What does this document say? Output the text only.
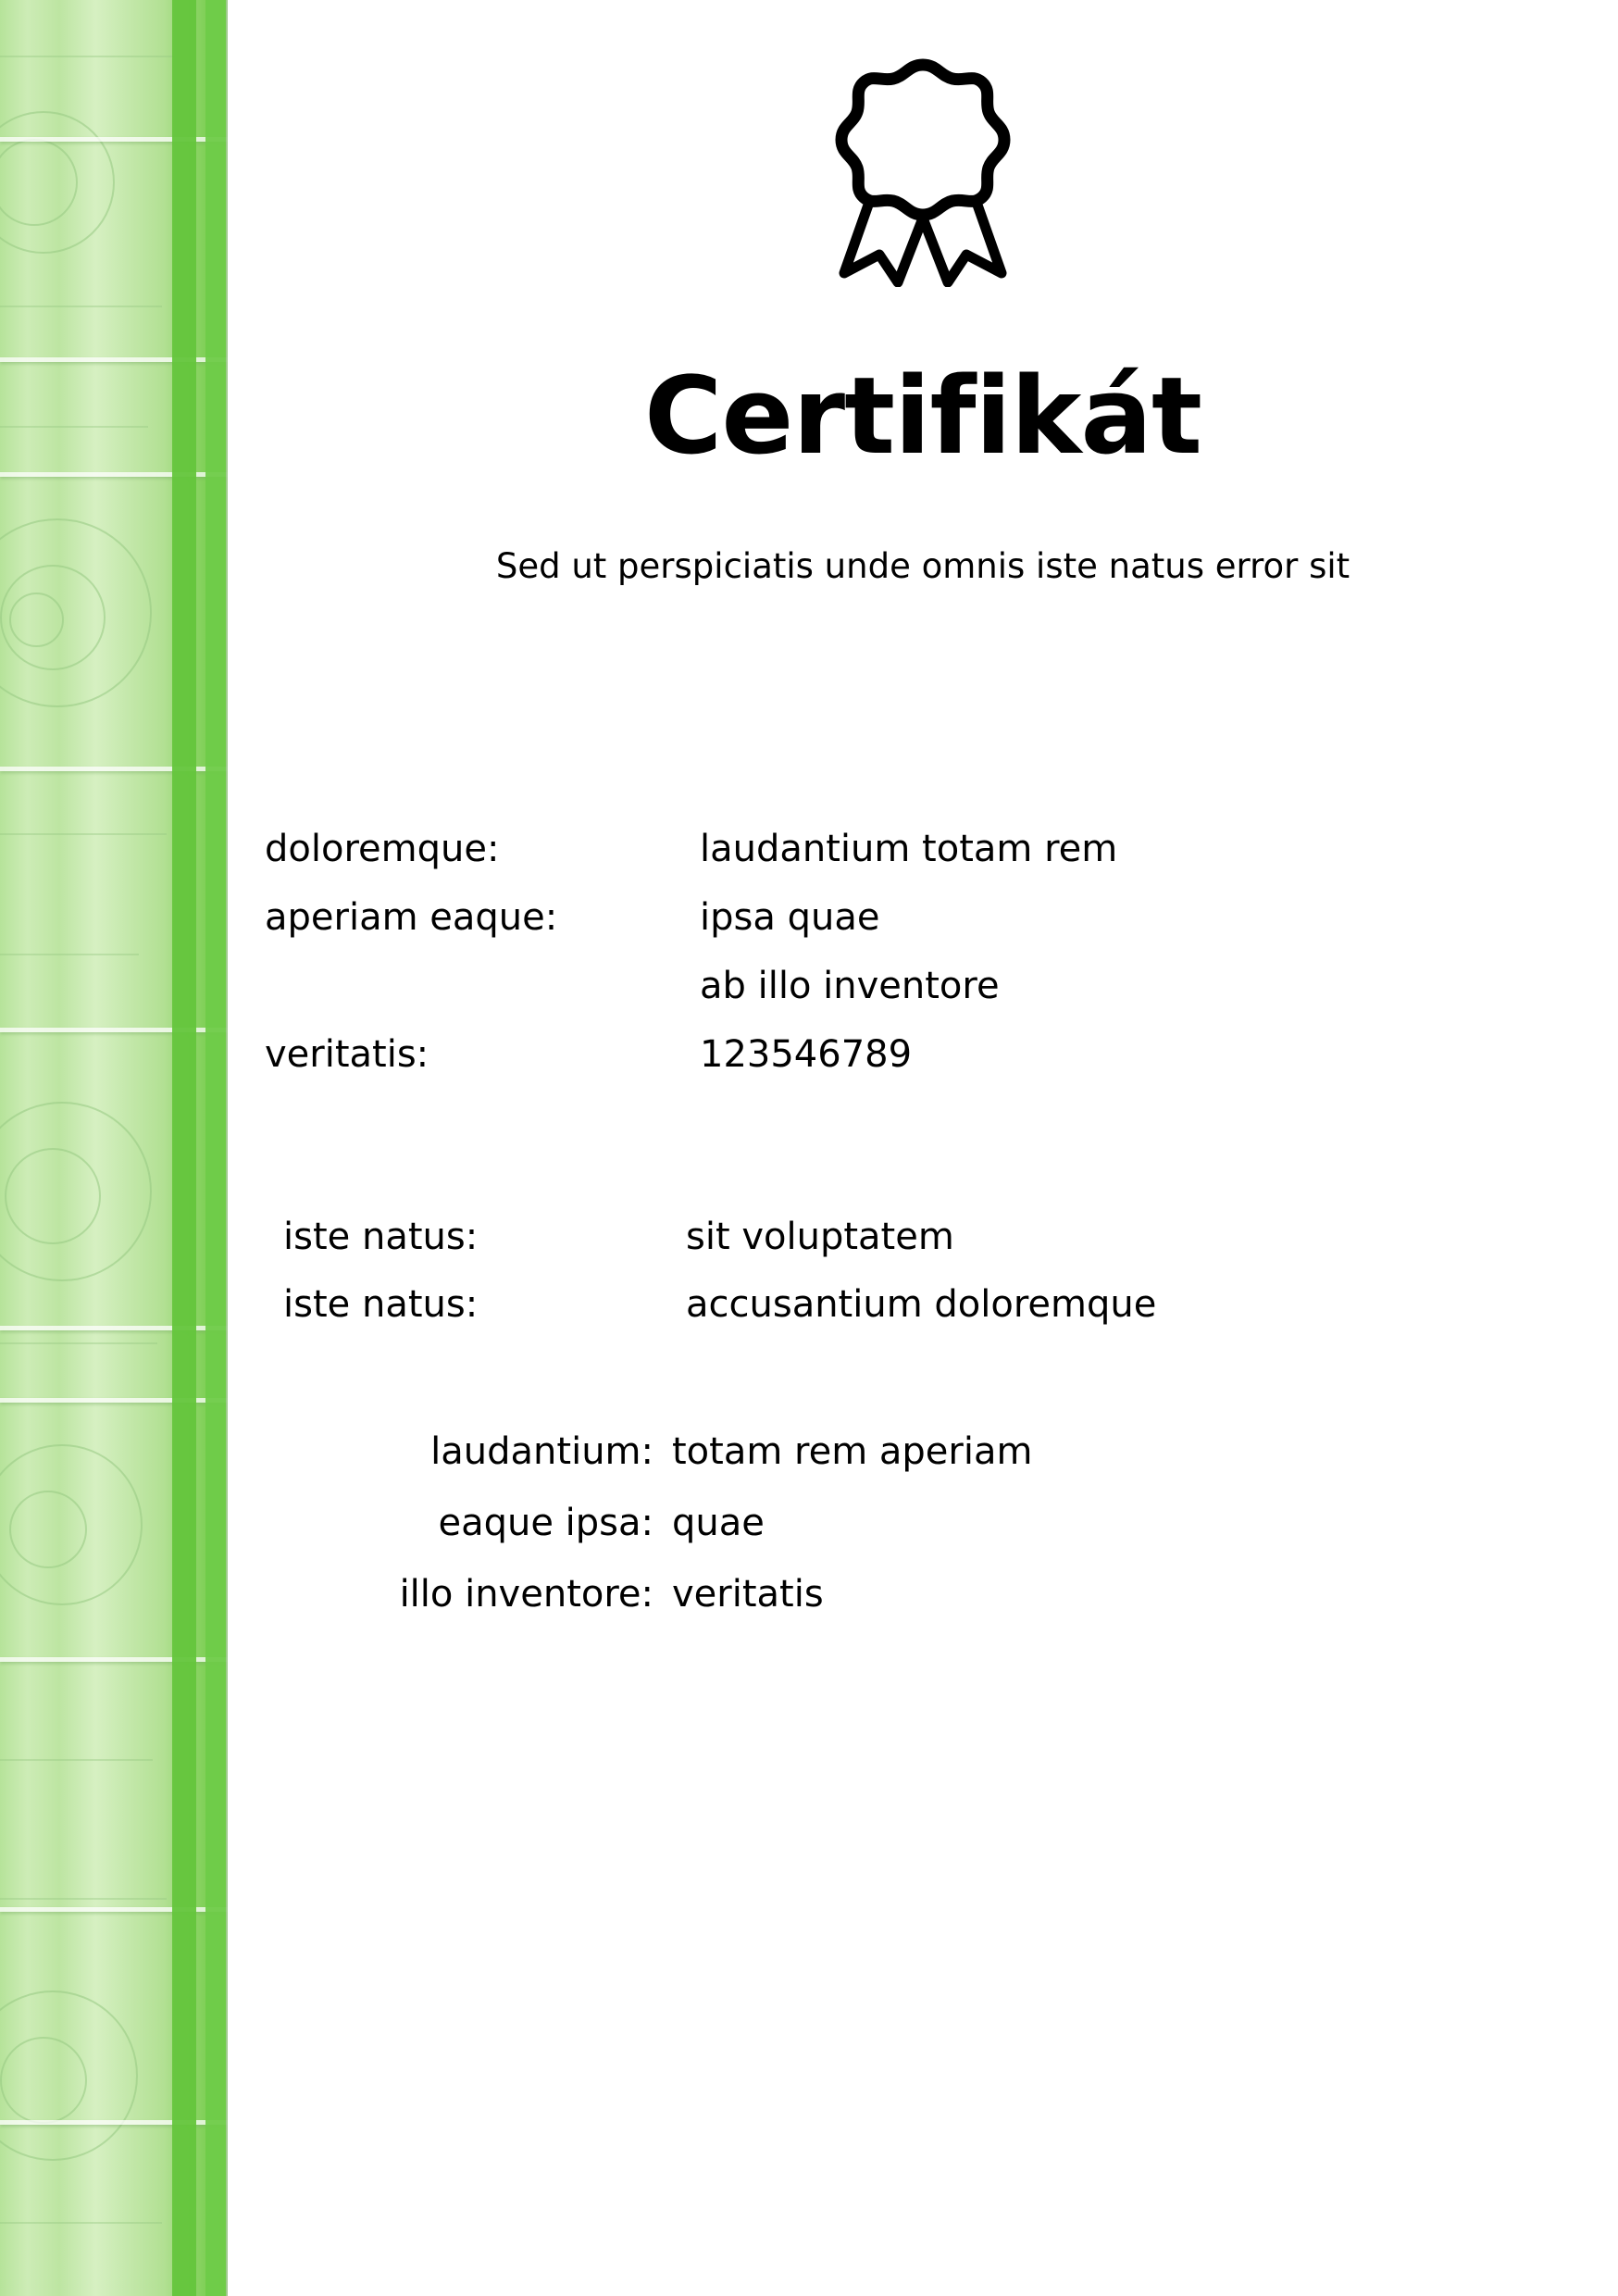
Certifikát
Sed ut perspiciatis unde omnis iste natus error sit
doloremque:	laudantium totam rem
aperiam eaque:	ipsa quae
ab illo inventore
veritatis:	123546789
iste natus:	sit voluptatem
iste natus:	accusantium doloremque
laudantium: totam rem aperiam
eaque ipsa: quae
illo inventore: veritatis
